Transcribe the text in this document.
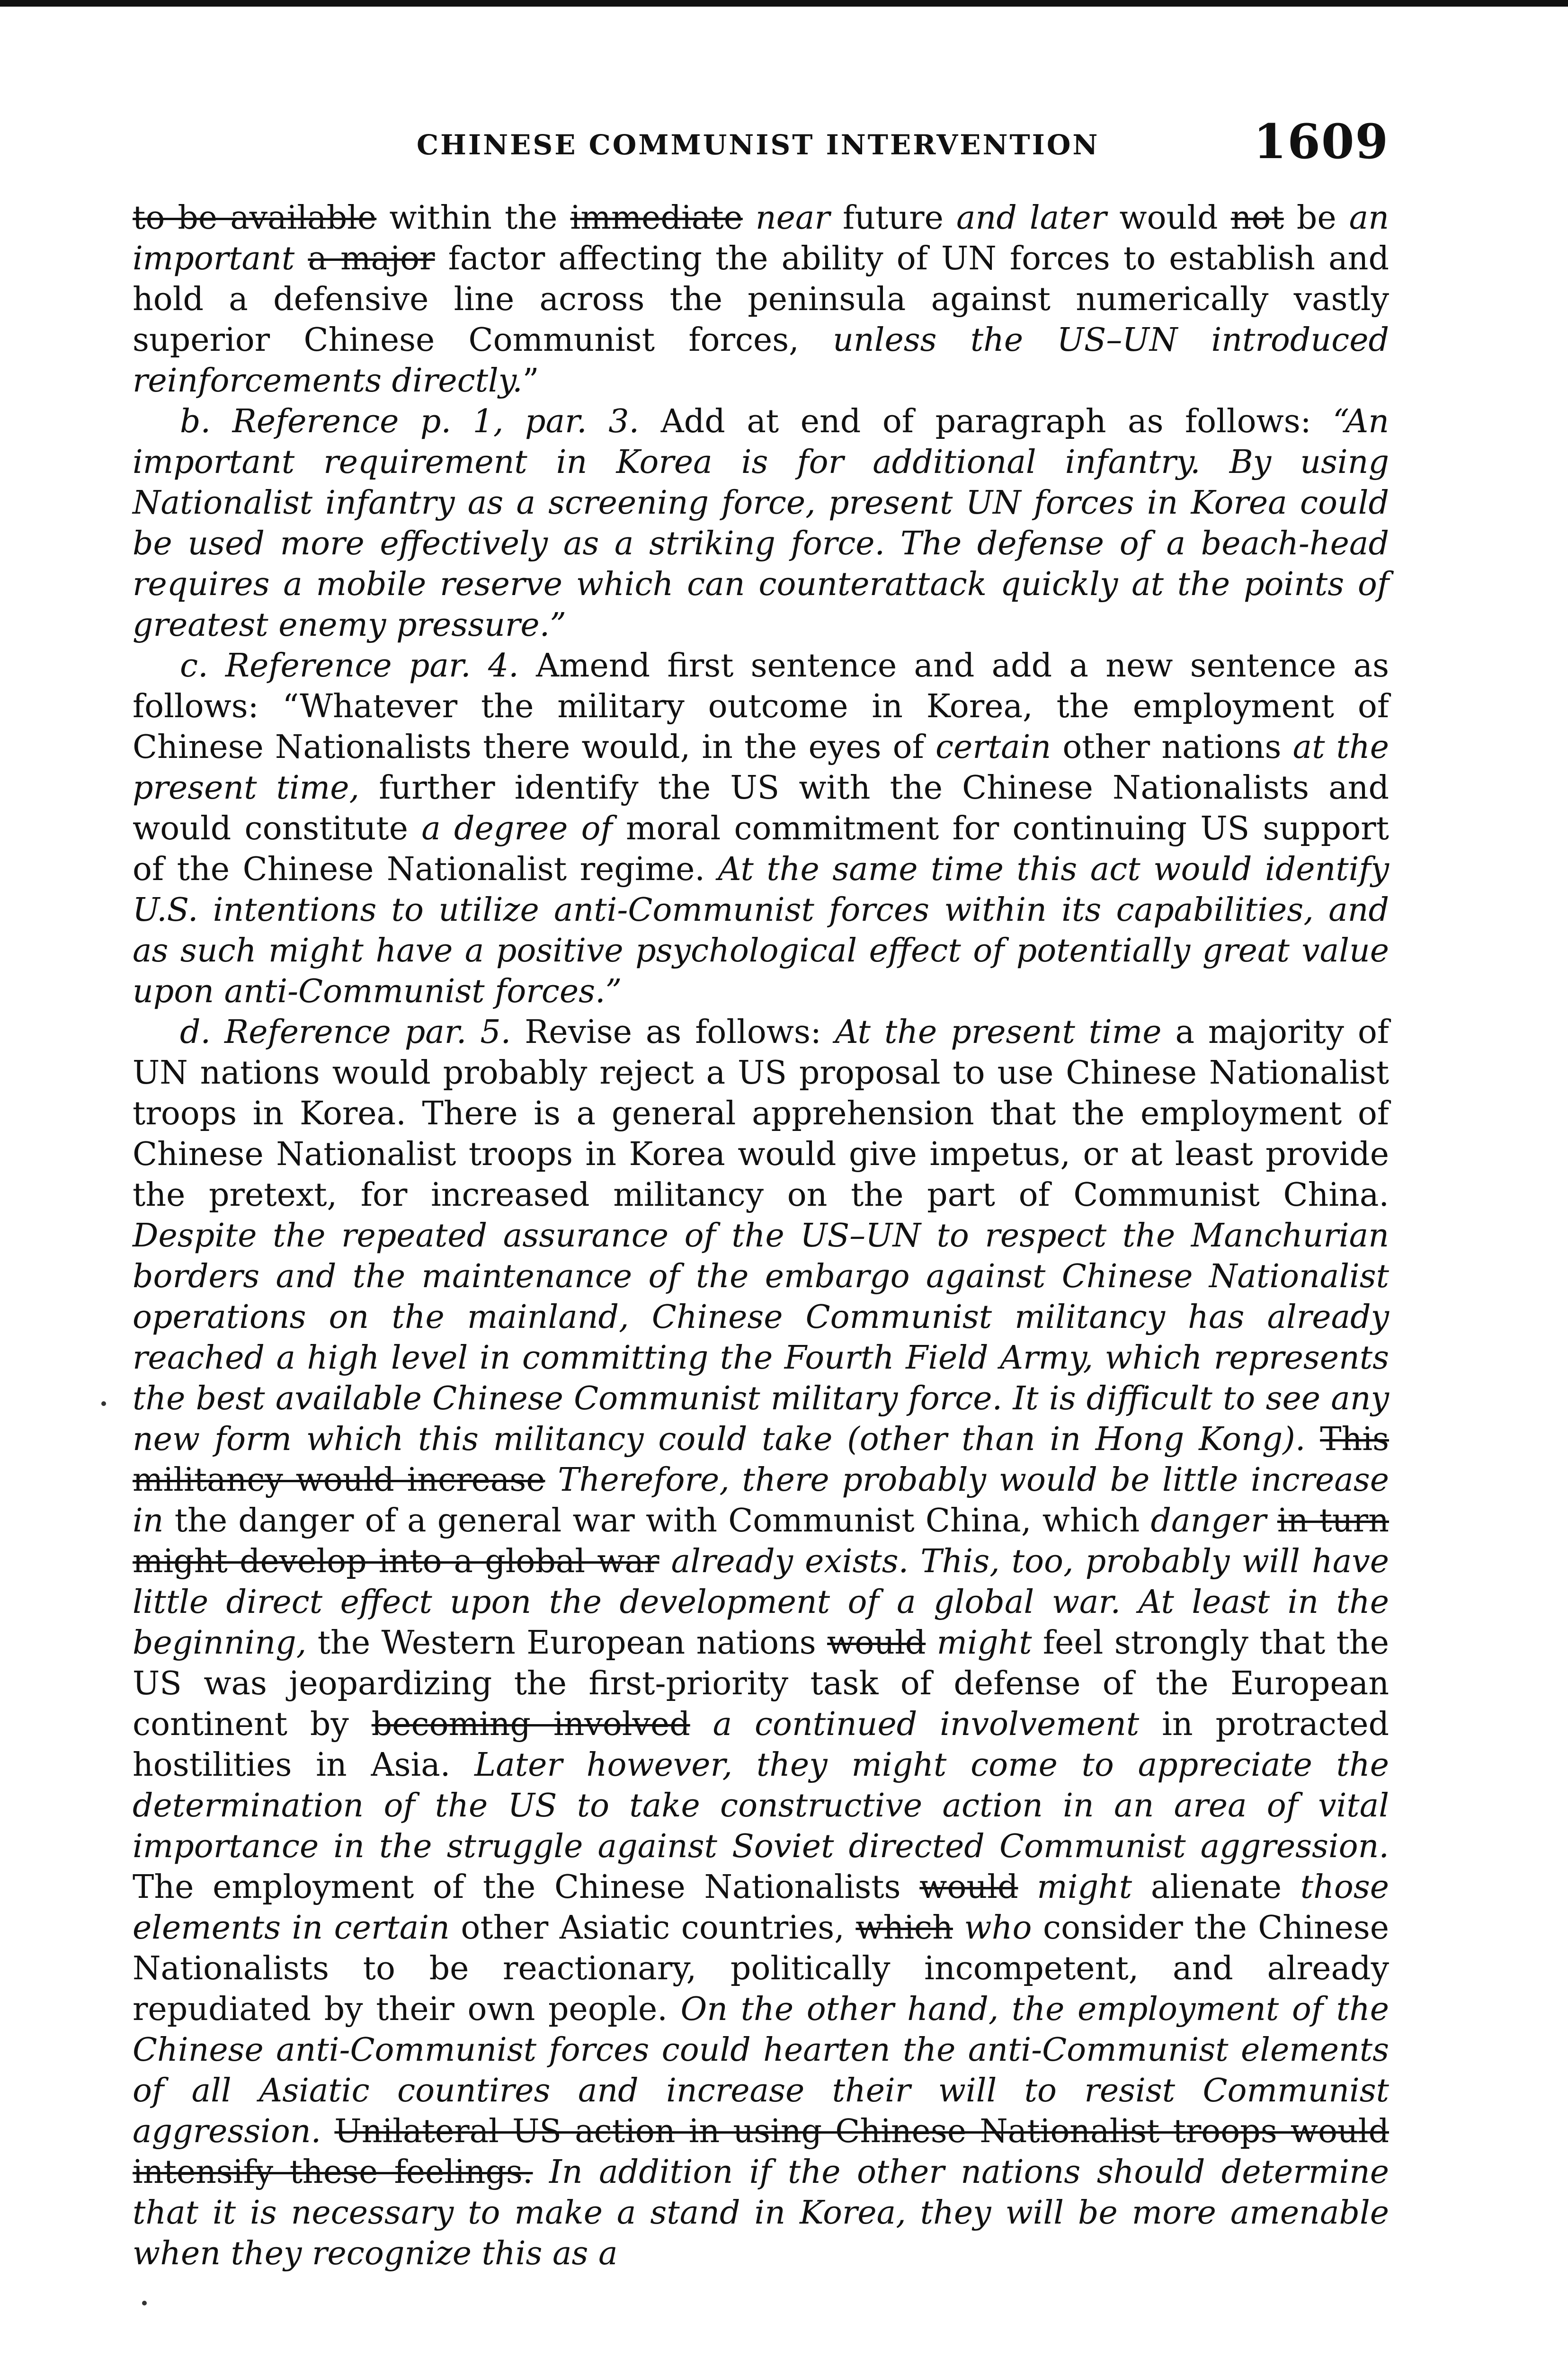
CHINESE COMMUNIST INTERVENTION	1609

to be available within the immediate near future and later would not be an important a major factor affecting the ability of UN forces to establish and hold a defensive line across the peninsula against numerically vastly superior Chinese Communist forces, unless the US–UN introduced reinforcements directly.”

b. Reference p. 1, par. 3. Add at end of paragraph as follows: “An important requirement in Korea is for additional infantry. By using Nationalist infantry as a screening force, present UN forces in Korea could be used more effectively as a striking force. The defense of a beach-head requires a mobile reserve which can counterattack quickly at the points of greatest enemy pressure.”

c. Reference par. 4. Amend first sentence and add a new sentence as follows: “Whatever the military outcome in Korea, the employment of Chinese Nationalists there would, in the eyes of certain other nations at the present time, further identify the US with the Chinese Nationalists and would constitute a degree of moral commitment for continuing US support of the Chinese Nationalist regime. At the same time this act would identify U.S. intentions to utilize anti-Communist forces within its capabilities, and as such might have a positive psychological effect of potentially great value upon anti-Communist forces.”

d. Reference par. 5. Revise as follows: At the present time a majority of UN nations would probably reject a US proposal to use Chinese Nationalist troops in Korea. There is a general apprehension that the employment of Chinese Nationalist troops in Korea would give impetus, or at least provide the pretext, for increased militancy on the part of Communist China. Despite the repeated assurance of the US–UN to respect the Manchurian borders and the maintenance of the embargo against Chinese Nationalist operations on the mainland, Chinese Communist militancy has already reached a high level in committing the Fourth Field Army, which represents the best available Chinese Communist military force. It is difficult to see any new form which this militancy could take (other than in Hong Kong). This militancy would increase Therefore, there probably would be little increase in the danger of a general war with Communist China, which danger in turn might develop into a global war already exists. This, too, probably will have little direct effect upon the development of a global war. At least in the beginning, the Western European nations would might feel strongly that the US was jeopardizing the first-priority task of defense of the European continent by becoming involved a continued involvement in protracted hostilities in Asia. Later however, they might come to appreciate the determination of the US to take constructive action in an area of vital importance in the struggle against Soviet directed Communist aggression. The employment of the Chinese Nationalists would might alienate those elements in certain other Asiatic countries, which who consider the Chinese Nationalists to be reactionary, politically incompetent, and already repudiated by their own people. On the other hand, the employment of the Chinese anti-Communist forces could hearten the anti-Communist elements of all Asiatic countires and increase their will to resist Communist aggression. Unilateral US action in using Chinese Nationalist troops would intensify these feelings. In addition if the other nations should determine that it is necessary to make a stand in Korea, they will be more amenable when they recognize this as a
